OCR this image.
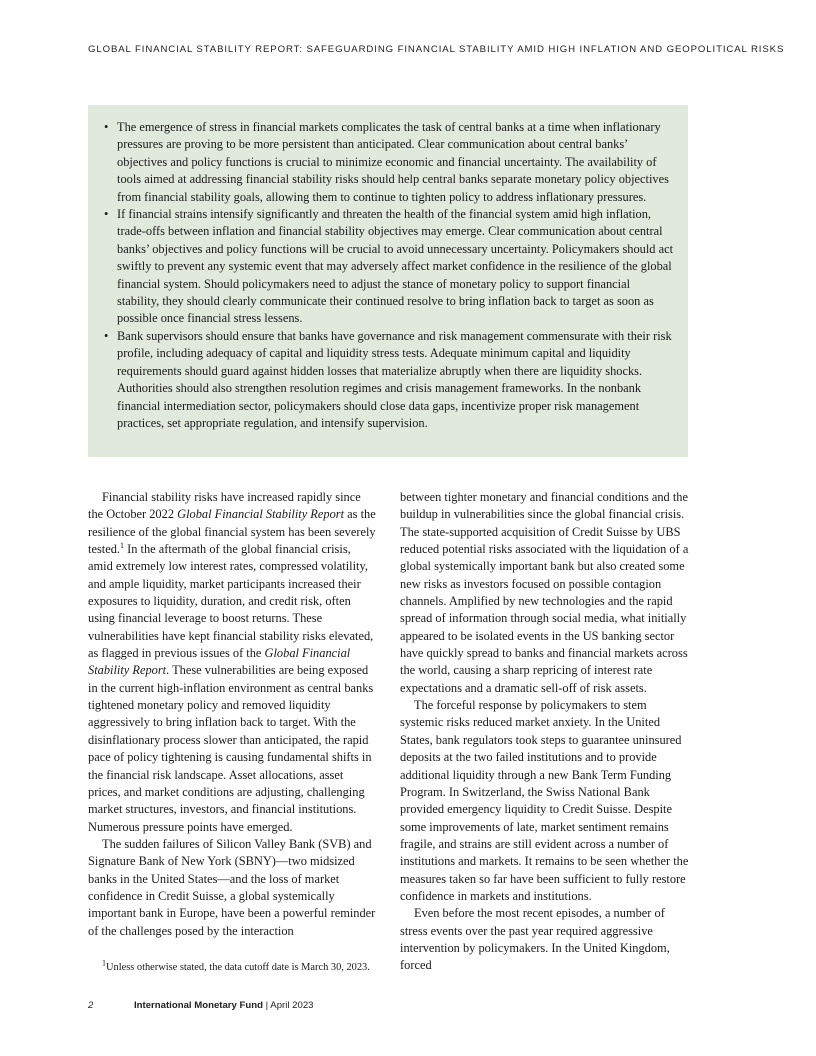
GLOBAL FINANCIAL STABILITY REPORT: SAFEGUARDING FINANCIAL STABILITY AMID HIGH INFLATION AND GEOPOLITICAL RISKS
• The emergence of stress in financial markets complicates the task of central banks at a time when inflationary pressures are proving to be more persistent than anticipated. Clear communication about central banks’ objectives and policy functions is crucial to minimize economic and financial uncertainty. The availability of tools aimed at addressing financial stability risks should help central banks separate monetary policy objectives from financial stability goals, allowing them to continue to tighten policy to address inflationary pressures.
• If financial strains intensify significantly and threaten the health of the financial system amid high inflation, trade-offs between inflation and financial stability objectives may emerge. Clear communication about central banks’ objectives and policy functions will be crucial to avoid unnecessary uncertainty. Policymakers should act swiftly to prevent any systemic event that may adversely affect market confidence in the resilience of the global financial system. Should policymakers need to adjust the stance of monetary policy to support financial stability, they should clearly communicate their continued resolve to bring inflation back to target as soon as possible once financial stress lessens.
• Bank supervisors should ensure that banks have governance and risk management commensurate with their risk profile, including adequacy of capital and liquidity stress tests. Adequate minimum capital and liquidity requirements should guard against hidden losses that materialize abruptly when there are liquidity shocks. Authorities should also strengthen resolution regimes and crisis management frameworks. In the nonbank financial intermediation sector, policymakers should close data gaps, incentivize proper risk management practices, set appropriate regulation, and intensify supervision.

Financial stability risks have increased rapidly since the October 2022 Global Financial Stability Report as the resilience of the global financial system has been severely tested.$^1$ In the aftermath of the global financial crisis, amid extremely low interest rates, compressed volatility, and ample liquidity, market participants increased their exposures to liquidity, duration, and credit risk, often using financial leverage to boost returns. These vulnerabilities have kept financial stability risks elevated, as flagged in previous issues of the Global Financial Stability Report. These vulnerabilities are being exposed in the current high-inflation environment as central banks tightened monetary policy and removed liquidity aggressively to bring inflation back to target. With the disinflationary process slower than anticipated, the rapid pace of policy tightening is causing fundamental shifts in the financial risk landscape. Asset allocations, asset prices, and market conditions are adjusting, challenging market structures, investors, and financial institutions. Numerous pressure points have emerged.

The sudden failures of Silicon Valley Bank (SVB) and Signature Bank of New York (SBNY)—two midsized banks in the United States—and the loss of market confidence in Credit Suisse, a global systemically important bank in Europe, have been a powerful reminder of the challenges posed by the interaction

between tighter monetary and financial conditions and the buildup in vulnerabilities since the global financial crisis. The state-supported acquisition of Credit Suisse by UBS reduced potential risks associated with the liquidation of a global systemically important bank but also created some new risks as investors focused on possible contagion channels. Amplified by new technologies and the rapid spread of information through social media, what initially appeared to be isolated events in the US banking sector have quickly spread to banks and financial markets across the world, causing a sharp repricing of interest rate expectations and a dramatic sell-off of risk assets.

The forceful response by policymakers to stem systemic risks reduced market anxiety. In the United States, bank regulators took steps to guarantee uninsured deposits at the two failed institutions and to provide additional liquidity through a new Bank Term Funding Program. In Switzerland, the Swiss National Bank provided emergency liquidity to Credit Suisse. Despite some improvements of late, market sentiment remains fragile, and strains are still evident across a number of institutions and markets. It remains to be seen whether the measures taken so far have been sufficient to fully restore confidence in markets and institutions.

Even before the most recent episodes, a number of stress events over the past year required aggressive intervention by policymakers. In the United Kingdom, forced

$^1$Unless otherwise stated, the data cutoff date is March 30, 2023.
2	International Monetary Fund | April 2023
